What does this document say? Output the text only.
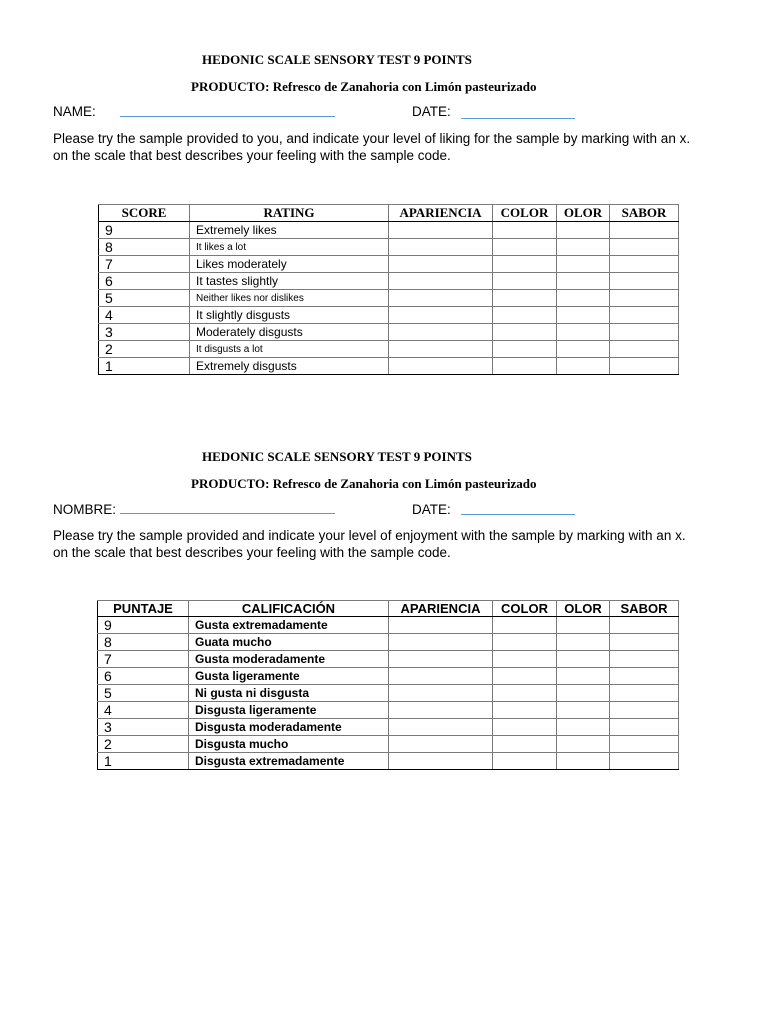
HEDONIC SCALE SENSORY TEST 9 POINTS
PRODUCTO: Refresco de Zanahoria con Limón pasteurizado
NAME:	DATE:
Please try the sample provided to you, and indicate your level of liking for the sample by marking with an x.
on the scale that best describes your feeling with the sample code.
SCORE	RATING	APARIENCIA	COLOR	OLOR	SABOR
9	Extremely likes				
8	It likes a lot				
7	Likes moderately				
6	It tastes slightly				
5	Neither likes nor dislikes				
4	It slightly disgusts				
3	Moderately disgusts				
2	It disgusts a lot				
1	Extremely disgusts				
HEDONIC SCALE SENSORY TEST 9 POINTS
PRODUCTO: Refresco de Zanahoria con Limón pasteurizado
NOMBRE:	DATE:
Please try the sample provided and indicate your level of enjoyment with the sample by marking with an x.
on the scale that best describes your feeling with the sample code.
PUNTAJE	CALIFICACIÓN	APARIENCIA	COLOR	OLOR	SABOR
9	Gusta extremadamente				
8	Guata mucho				
7	Gusta moderadamente				
6	Gusta ligeramente				
5	Ni gusta ni disgusta				
4	Disgusta ligeramente				
3	Disgusta moderadamente				
2	Disgusta mucho				
1	Disgusta extremadamente				
